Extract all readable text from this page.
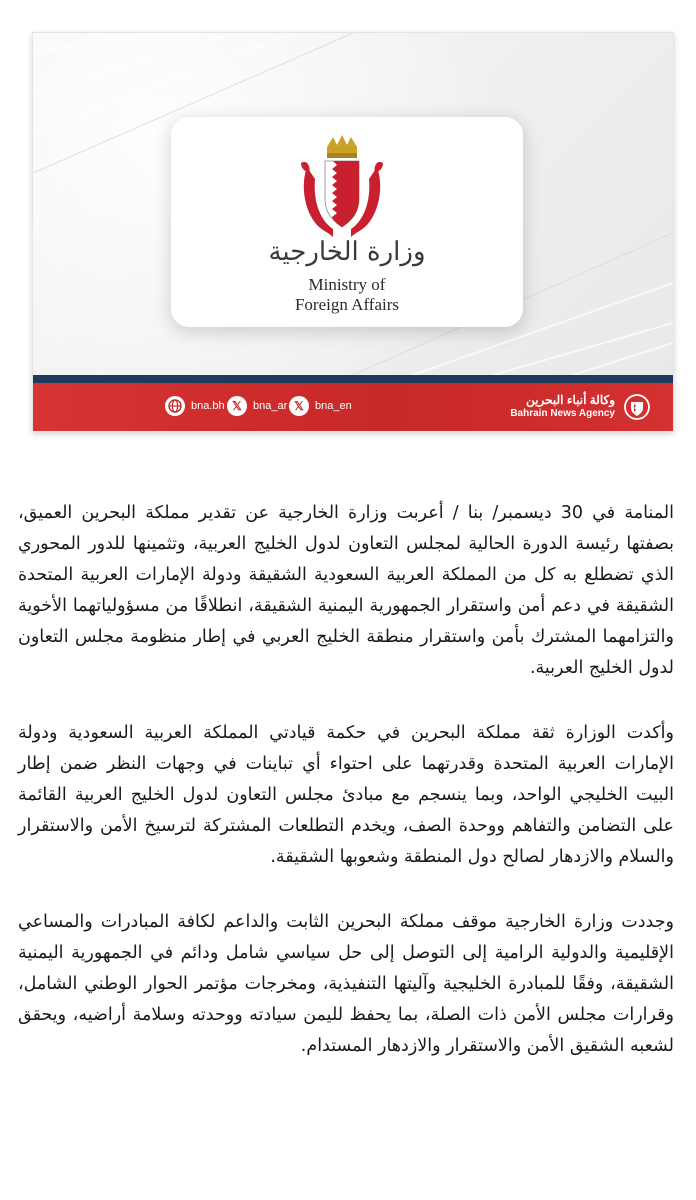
وزارة الخارجية
Ministry of
Foreign Affairs
bna.bh 𝕏	bna_ar 𝕏	bna_en	وكالة أنباء البحرين
Bahrain News Agency

المنامة في 30 ديسمبر/ بنا / أعربت وزارة الخارجية عن تقدير مملكة البحرين العميق، بصفتها رئيسة الدورة الحالية لمجلس التعاون لدول الخليج العربية، وتثمينها للدور المحوري الذي تضطلع به كل من المملكة العربية السعودية الشقيقة ودولة الإمارات العربية المتحدة الشقيقة في دعم أمن واستقرار الجمهورية اليمنية الشقيقة، انطلاقًا من مسؤولياتهما الأخوية والتزامهما المشترك بأمن واستقرار منطقة الخليج العربي في إطار منظومة مجلس التعاون لدول الخليج العربية.

وأكدت الوزارة ثقة مملكة البحرين في حكمة قيادتي المملكة العربية السعودية ودولة الإمارات العربية المتحدة وقدرتهما على احتواء أي تباينات في وجهات النظر ضمن إطار البيت الخليجي الواحد، وبما ينسجم مع مبادئ مجلس التعاون لدول الخليج العربية القائمة على التضامن والتفاهم ووحدة الصف، ويخدم التطلعات المشتركة لترسيخ الأمن والاستقرار والسلام والازدهار لصالح دول المنطقة وشعوبها الشقيقة.

وجددت وزارة الخارجية موقف مملكة البحرين الثابت والداعم لكافة المبادرات والمساعي الإقليمية والدولية الرامية إلى التوصل إلى حل سياسي شامل ودائم في الجمهورية اليمنية الشقيقة، وفقًا للمبادرة الخليجية وآليتها التنفيذية، ومخرجات مؤتمر الحوار الوطني الشامل، وقرارات مجلس الأمن ذات الصلة، بما يحفظ لليمن سيادته ووحدته وسلامة أراضيه، ويحقق لشعبه الشقيق الأمن والاستقرار والازدهار المستدام.
